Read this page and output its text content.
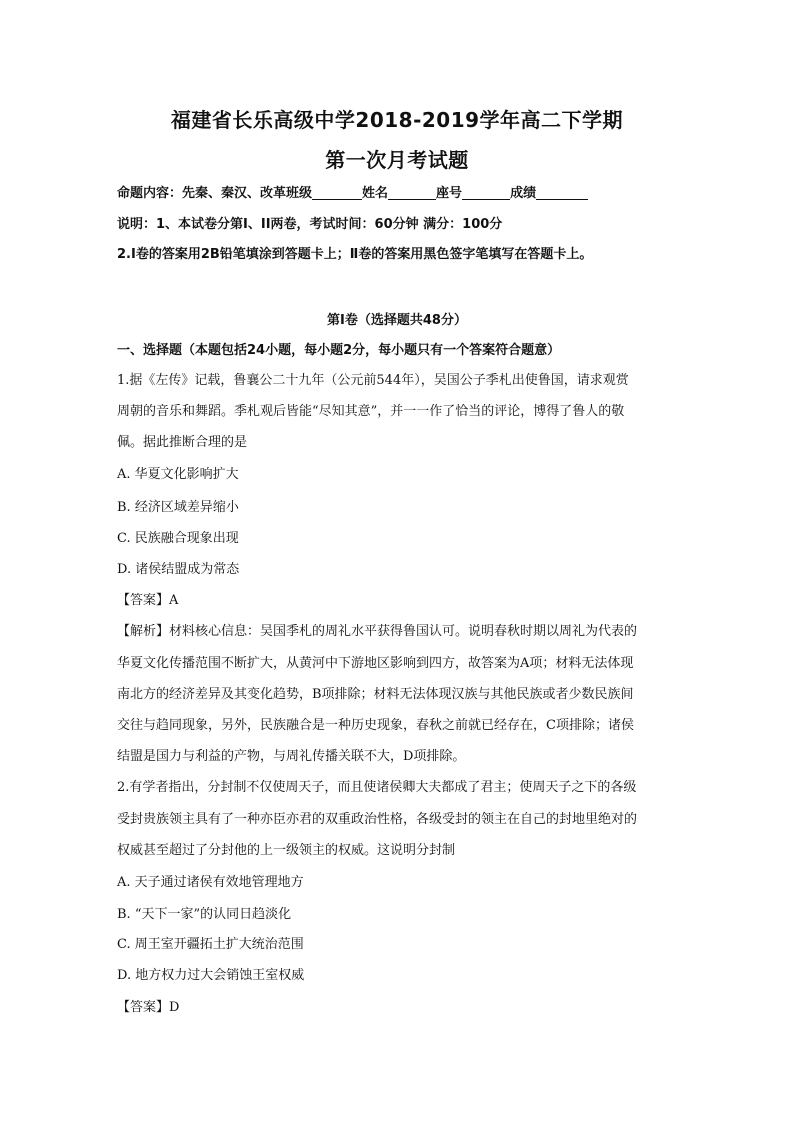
福建省长乐高级中学2018-2019学年高二下学期
第一次月考试题
命题内容：先秦、秦汉、改革班级	姓名	座号	成绩
说明：1、本试卷分第Ⅰ、II两卷，考试时间：60分钟 满分：100分
2.Ⅰ卷的答案用2B铅笔填涂到答题卡上；Ⅱ卷的答案用黑色签字笔填写在答题卡上。
第Ⅰ卷（选择题共48分）
一、选择题（本题包括24小题，每小题2分，每小题只有一个答案符合题意）
1.据《左传》记载，鲁襄公二十九年（公元前544年），吴国公子季札出使鲁国，请求观赏
周朝的音乐和舞蹈。季札观后皆能“尽知其意”，并一一作了恰当的评论，博得了鲁人的敬
佩。据此推断合理的是
A. 华夏文化影响扩大
B. 经济区域差异缩小
C. 民族融合现象出现
D. 诸侯结盟成为常态
【答案】A
【解析】材料核心信息：吴国季札的周礼水平获得鲁国认可。说明春秋时期以周礼为代表的
华夏文化传播范围不断扩大，从黄河中下游地区影响到四方，故答案为A项；材料无法体现
南北方的经济差异及其变化趋势，B项排除；材料无法体现汉族与其他民族或者少数民族间
交往与趋同现象，另外，民族融合是一种历史现象，春秋之前就已经存在，C项排除；诸侯
结盟是国力与利益的产物，与周礼传播关联不大，D项排除。
2.有学者指出，分封制不仅使周天子，而且使诸侯卿大夫都成了君主；使周天子之下的各级
受封贵族领主具有了一种亦臣亦君的双重政治性格，各级受封的领主在自己的封地里绝对的
权威甚至超过了分封他的上一级领主的权威。这说明分封制
A. 天子通过诸侯有效地管理地方
B. “天下一家”的认同日趋淡化
C. 周王室开疆拓土扩大统治范围
D. 地方权力过大会销蚀王室权威
【答案】D
